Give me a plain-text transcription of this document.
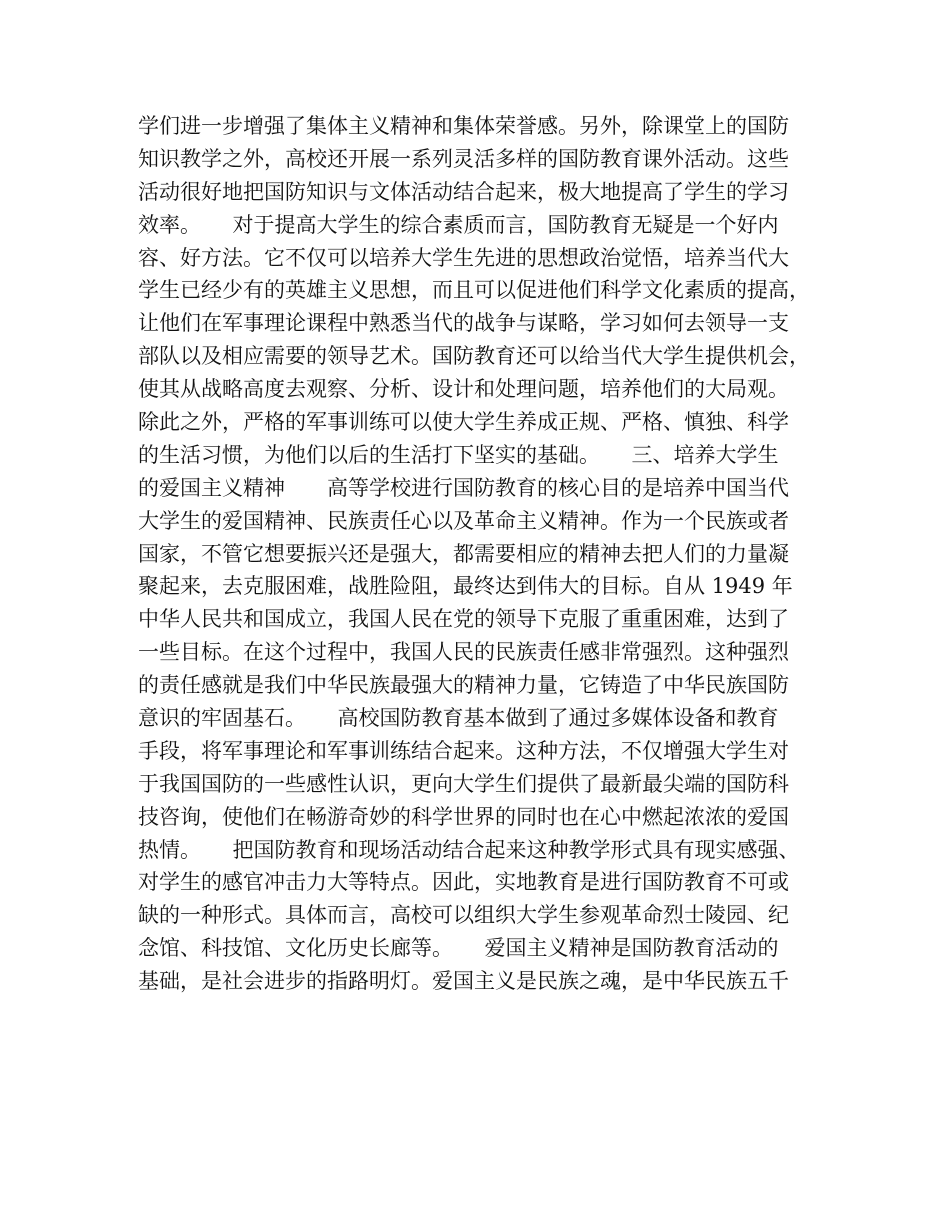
学们进一步增强了集体主义精神和集体荣誉感。另外，除课堂上的国防
知识教学之外，高校还开展一系列灵活多样的国防教育课外活动。这些
活动很好地把国防知识与文体活动结合起来，极大地提高了学生的学习
效率。　　对于提高大学生的综合素质而言，国防教育无疑是一个好内
容、好方法。它不仅可以培养大学生先进的思想政治觉悟，培养当代大
学生已经少有的英雄主义思想，而且可以促进他们科学文化素质的提高，
让他们在军事理论课程中熟悉当代的战争与谋略，学习如何去领导一支
部队以及相应需要的领导艺术。国防教育还可以给当代大学生提供机会，
使其从战略高度去观察、分析、设计和处理问题，培养他们的大局观。
除此之外，严格的军事训练可以使大学生养成正规、严格、慎独、科学
的生活习惯，为他们以后的生活打下坚实的基础。　　三、培养大学生
的爱国主义精神　　高等学校进行国防教育的核心目的是培养中国当代
大学生的爱国精神、民族责任心以及革命主义精神。作为一个民族或者
国家，不管它想要振兴还是强大，都需要相应的精神去把人们的力量凝
聚起来，去克服困难，战胜险阻，最终达到伟大的目标。自从 1949 年
中华人民共和国成立，我国人民在党的领导下克服了重重困难，达到了
一些目标。在这个过程中，我国人民的民族责任感非常强烈。这种强烈
的责任感就是我们中华民族最强大的精神力量，它铸造了中华民族国防
意识的牢固基石。　　高校国防教育基本做到了通过多媒体设备和教育
手段，将军事理论和军事训练结合起来。这种方法，不仅增强大学生对
于我国国防的一些感性认识，更向大学生们提供了最新最尖端的国防科
技咨询，使他们在畅游奇妙的科学世界的同时也在心中燃起浓浓的爱国
热情。　　把国防教育和现场活动结合起来这种教学形式具有现实感强、
对学生的感官冲击力大等特点。因此，实地教育是进行国防教育不可或
缺的一种形式。具体而言，高校可以组织大学生参观革命烈士陵园、纪
念馆、科技馆、文化历史长廊等。　　爱国主义精神是国防教育活动的
基础，是社会进步的指路明灯。爱国主义是民族之魂，是中华民族五千
